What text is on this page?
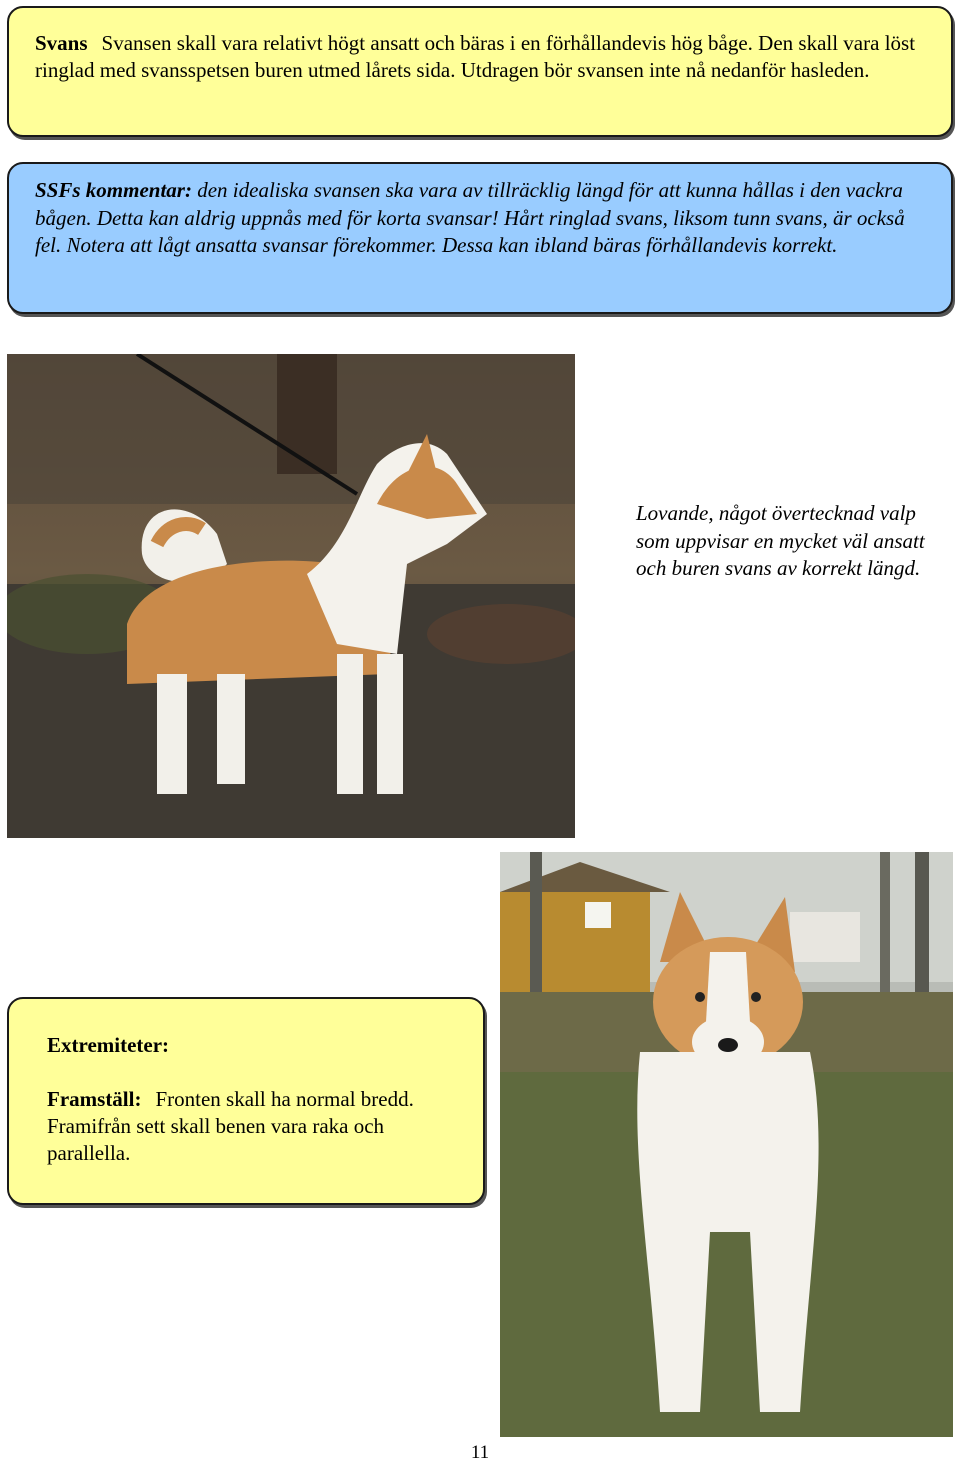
Svans Svansen skall vara relativt högt ansatt och bäras i en förhållandevis hög båge. Den skall vara löst ringlad med svansspetsen buren utmed lårets sida. Utdragen bör svansen inte nå nedanför hasleden.
SSFs kommentar: den idealiska svansen ska vara av tillräcklig längd för att kunna hållas i den vackra bågen. Detta kan aldrig uppnås med för korta svansar! Hårt ringlad svans, liksom tunn svans, är också fel. Notera att lågt ansatta svansar förekommer. Dessa kan ibland bäras förhållandevis korrekt.
Lovande, något övertecknad valp som uppvisar en mycket väl ansatt och buren svans av korrekt längd.
Extremiteter:
Framställ: Fronten skall ha normal bredd. Framifrån sett skall benen vara raka och parallella.
11
